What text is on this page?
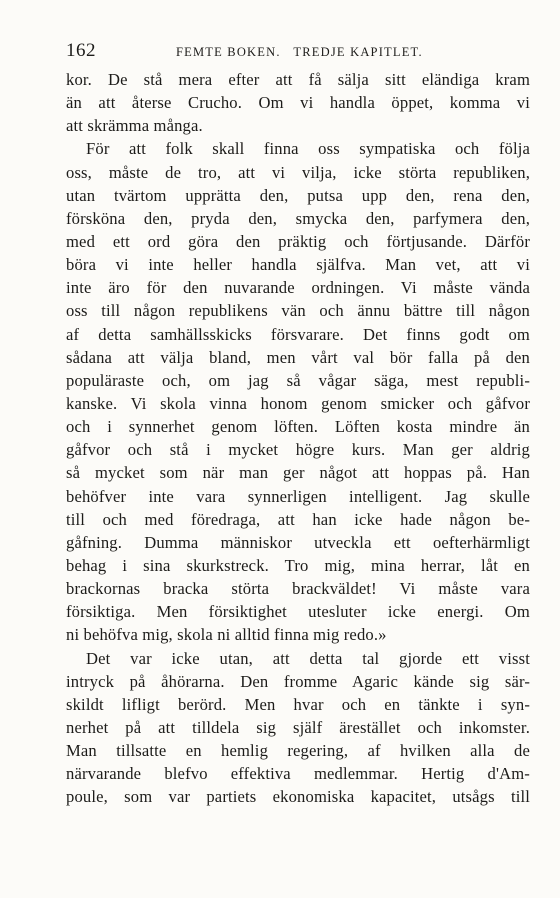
162	FEMTE BOKEN.   TREDJE KAPITLET.
kor. De stå mera efter att få sälja sitt eländiga kram
än att återse Crucho. Om vi handla öppet, komma vi
att skrämma många.
För att folk skall finna oss sympatiska och följa
oss, måste de tro, att vi vilja, icke störta republiken,
utan tvärtom upprätta den, putsa upp den, rena den,
försköna den, pryda den, smycka den, parfymera den,
med ett ord göra den präktig och förtjusande. Därför
böra vi inte heller handla själfva. Man vet, att vi
inte äro för den nuvarande ordningen. Vi måste vända
oss till någon republikens vän och ännu bättre till någon
af detta samhällsskicks försvarare. Det finns godt om
sådana att välja bland, men vårt val bör falla på den
populäraste och, om jag så vågar säga, mest republi-
kanske. Vi skola vinna honom genom smicker och gåfvor
och i synnerhet genom löften. Löften kosta mindre än
gåfvor och stå i mycket högre kurs. Man ger aldrig
så mycket som när man ger något att hoppas på. Han
behöfver inte vara synnerligen intelligent. Jag skulle
till och med föredraga, att han icke hade någon be-
gåfning. Dumma människor utveckla ett oefterhärmligt
behag i sina skurkstreck. Tro mig, mina herrar, låt en
brackornas bracka störta brackväldet! Vi måste vara
försiktiga. Men försiktighet utesluter icke energi. Om
ni behöfva mig, skola ni alltid finna mig redo.»
Det var icke utan, att detta tal gjorde ett visst
intryck på åhörarna. Den fromme Agaric kände sig sär-
skildt lifligt berörd. Men hvar och en tänkte i syn-
nerhet på att tilldela sig själf ärestället och inkomster.
Man tillsatte en hemlig regering, af hvilken alla de
närvarande blefvo effektiva medlemmar. Hertig d'Am-
poule, som var partiets ekonomiska kapacitet, utsågs till
